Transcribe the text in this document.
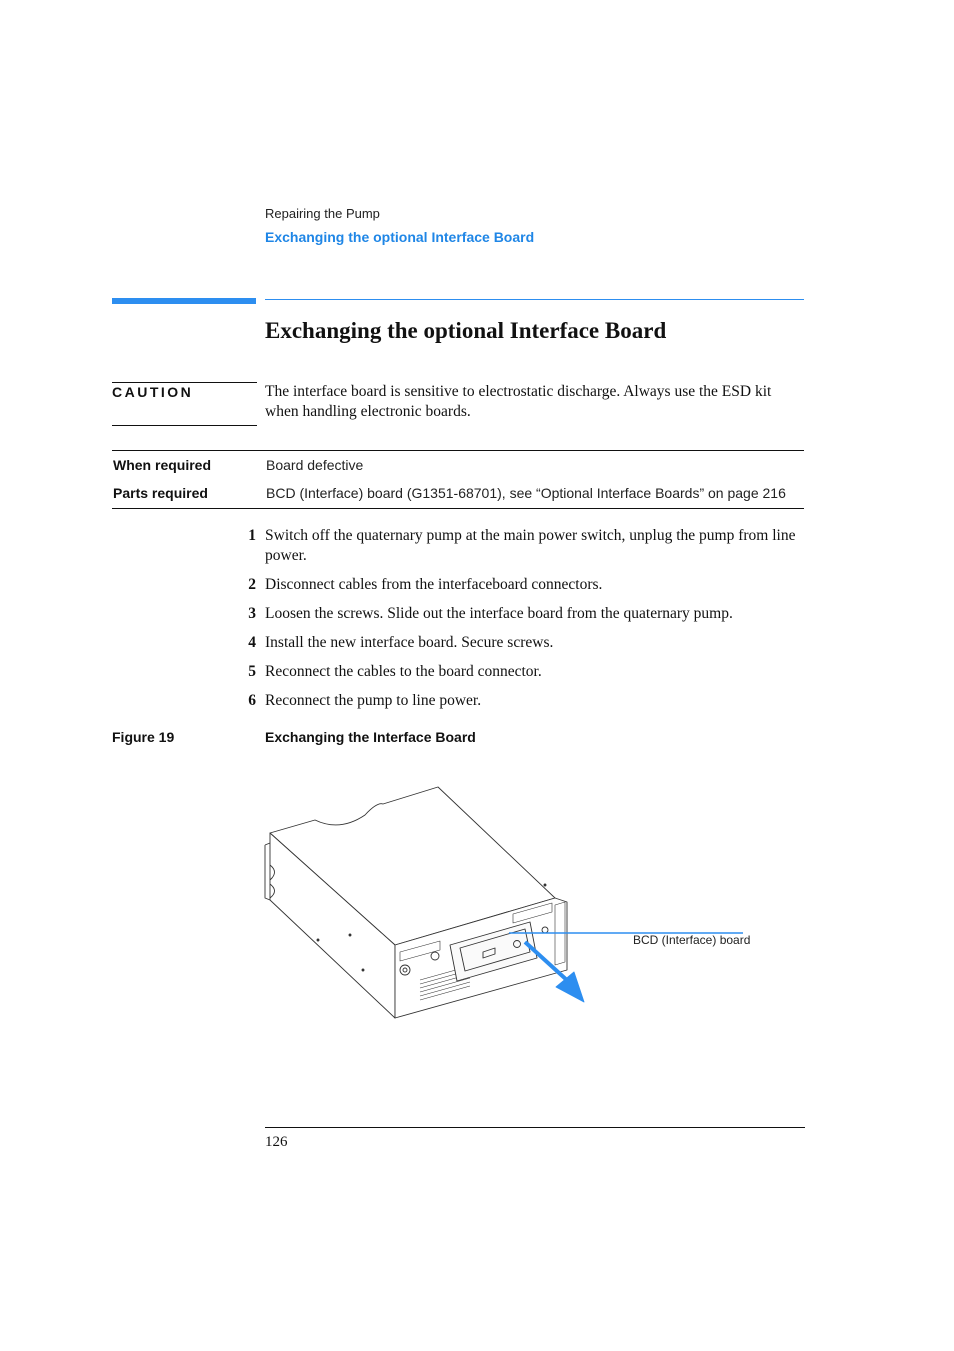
Repairing the Pump
Exchanging the optional Interface Board
Exchanging the optional Interface Board
CAUTION	The interface board is sensitive to electrostatic discharge. Always use the ESD kit when handling electronic boards.
When required	Board defective
Parts required	BCD (Interface) board (G1351-68701), see “Optional Interface Boards” on page 216
1 Switch off the quaternary pump at the main power switch, unplug the pump from line power.
2 Disconnect cables from the interfaceboard connectors.
3 Loosen the screws. Slide out the interface board from the quaternary pump.
4 Install the new interface board. Secure screws.
5 Reconnect the cables to the board connector.
6 Reconnect the pump to line power.
Figure 19	Exchanging the Interface Board
BCD (Interface) board
126
